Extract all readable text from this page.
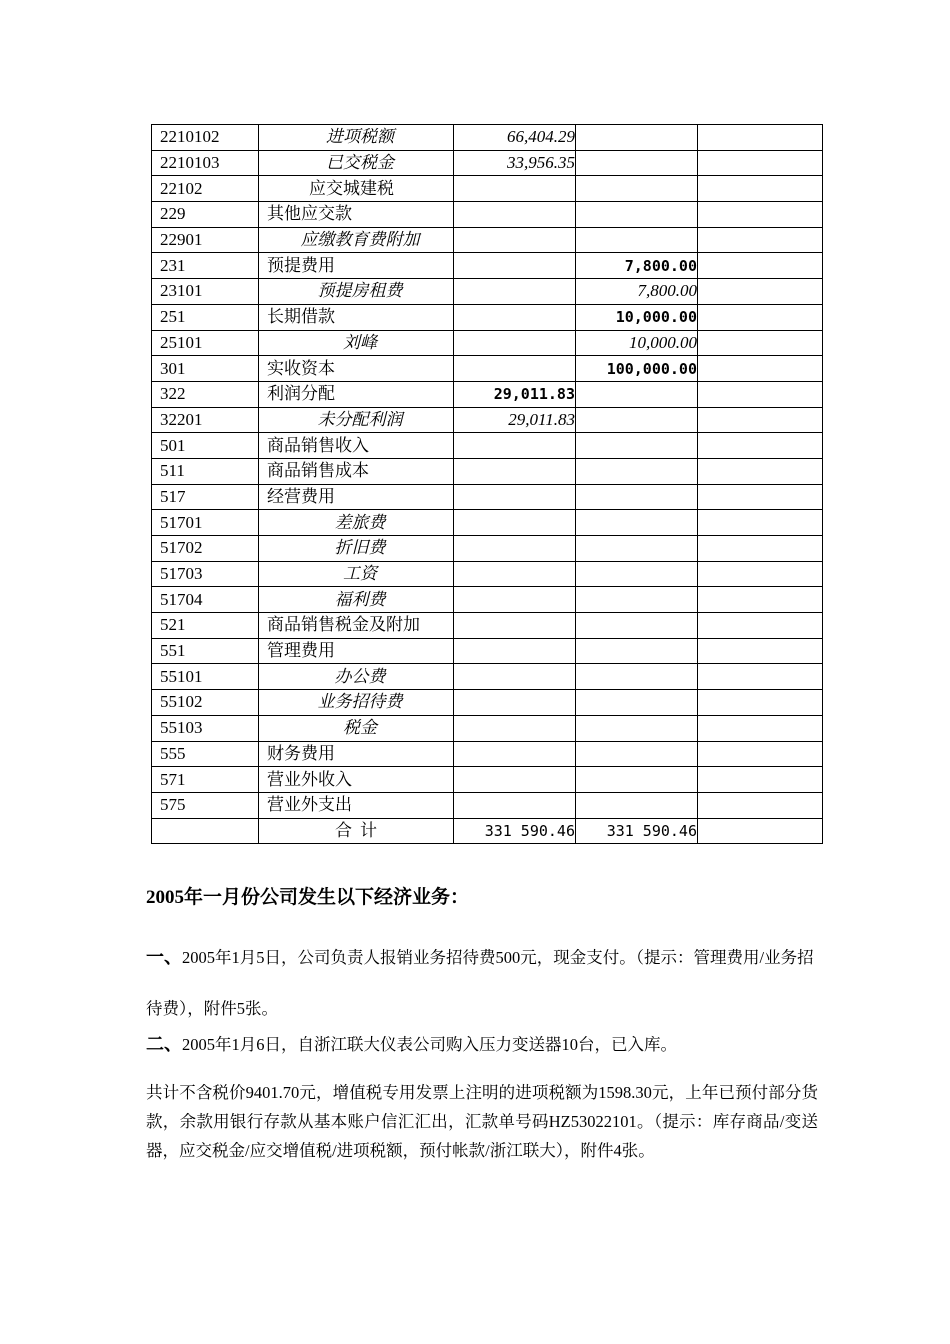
2210102	进项税额	66,404.29		
2210103	已交税金	33,956.35		
22102	应交城建税			
229	其他应交款			
22901	应缴教育费附加			
231	预提费用		7,800.00	
23101	预提房租费		7,800.00	
251	长期借款		10,000.00	
25101	刘峰		10,000.00	
301	实收资本		100,000.00	
322	利润分配	29,011.83		
32201	未分配利润	29,011.83		
501	商品销售收入			
511	商品销售成本			
517	经营费用			
51701	差旅费			
51702	折旧费			
51703	工资			
51704	福利费			
521	商品销售税金及附加			
551	管理费用			
55101	办公费			
55102	业务招待费			
55103	税金			
555	财务费用			
571	营业外收入			
575	营业外支出			
	合计	331 590.46	331 590.46	

2005年一月份公司发生以下经济业务：

一、2005年1月5日，公司负责人报销业务招待费500元，现金支付。（提示：管理费用/业务招待费），附件5张。

二、2005年1月6日，自浙江联大仪表公司购入压力变送器10台，已入库。

共计不含税价9401.70元，增值税专用发票上注明的进项税额为1598.30元，上年已预付部分货款，余款用银行存款从基本账户信汇汇出，汇款单号码HZ53022101。（提示：库存商品/变送器，应交税金/应交增值税/进项税额，预付帐款/浙江联大），附件4张。
